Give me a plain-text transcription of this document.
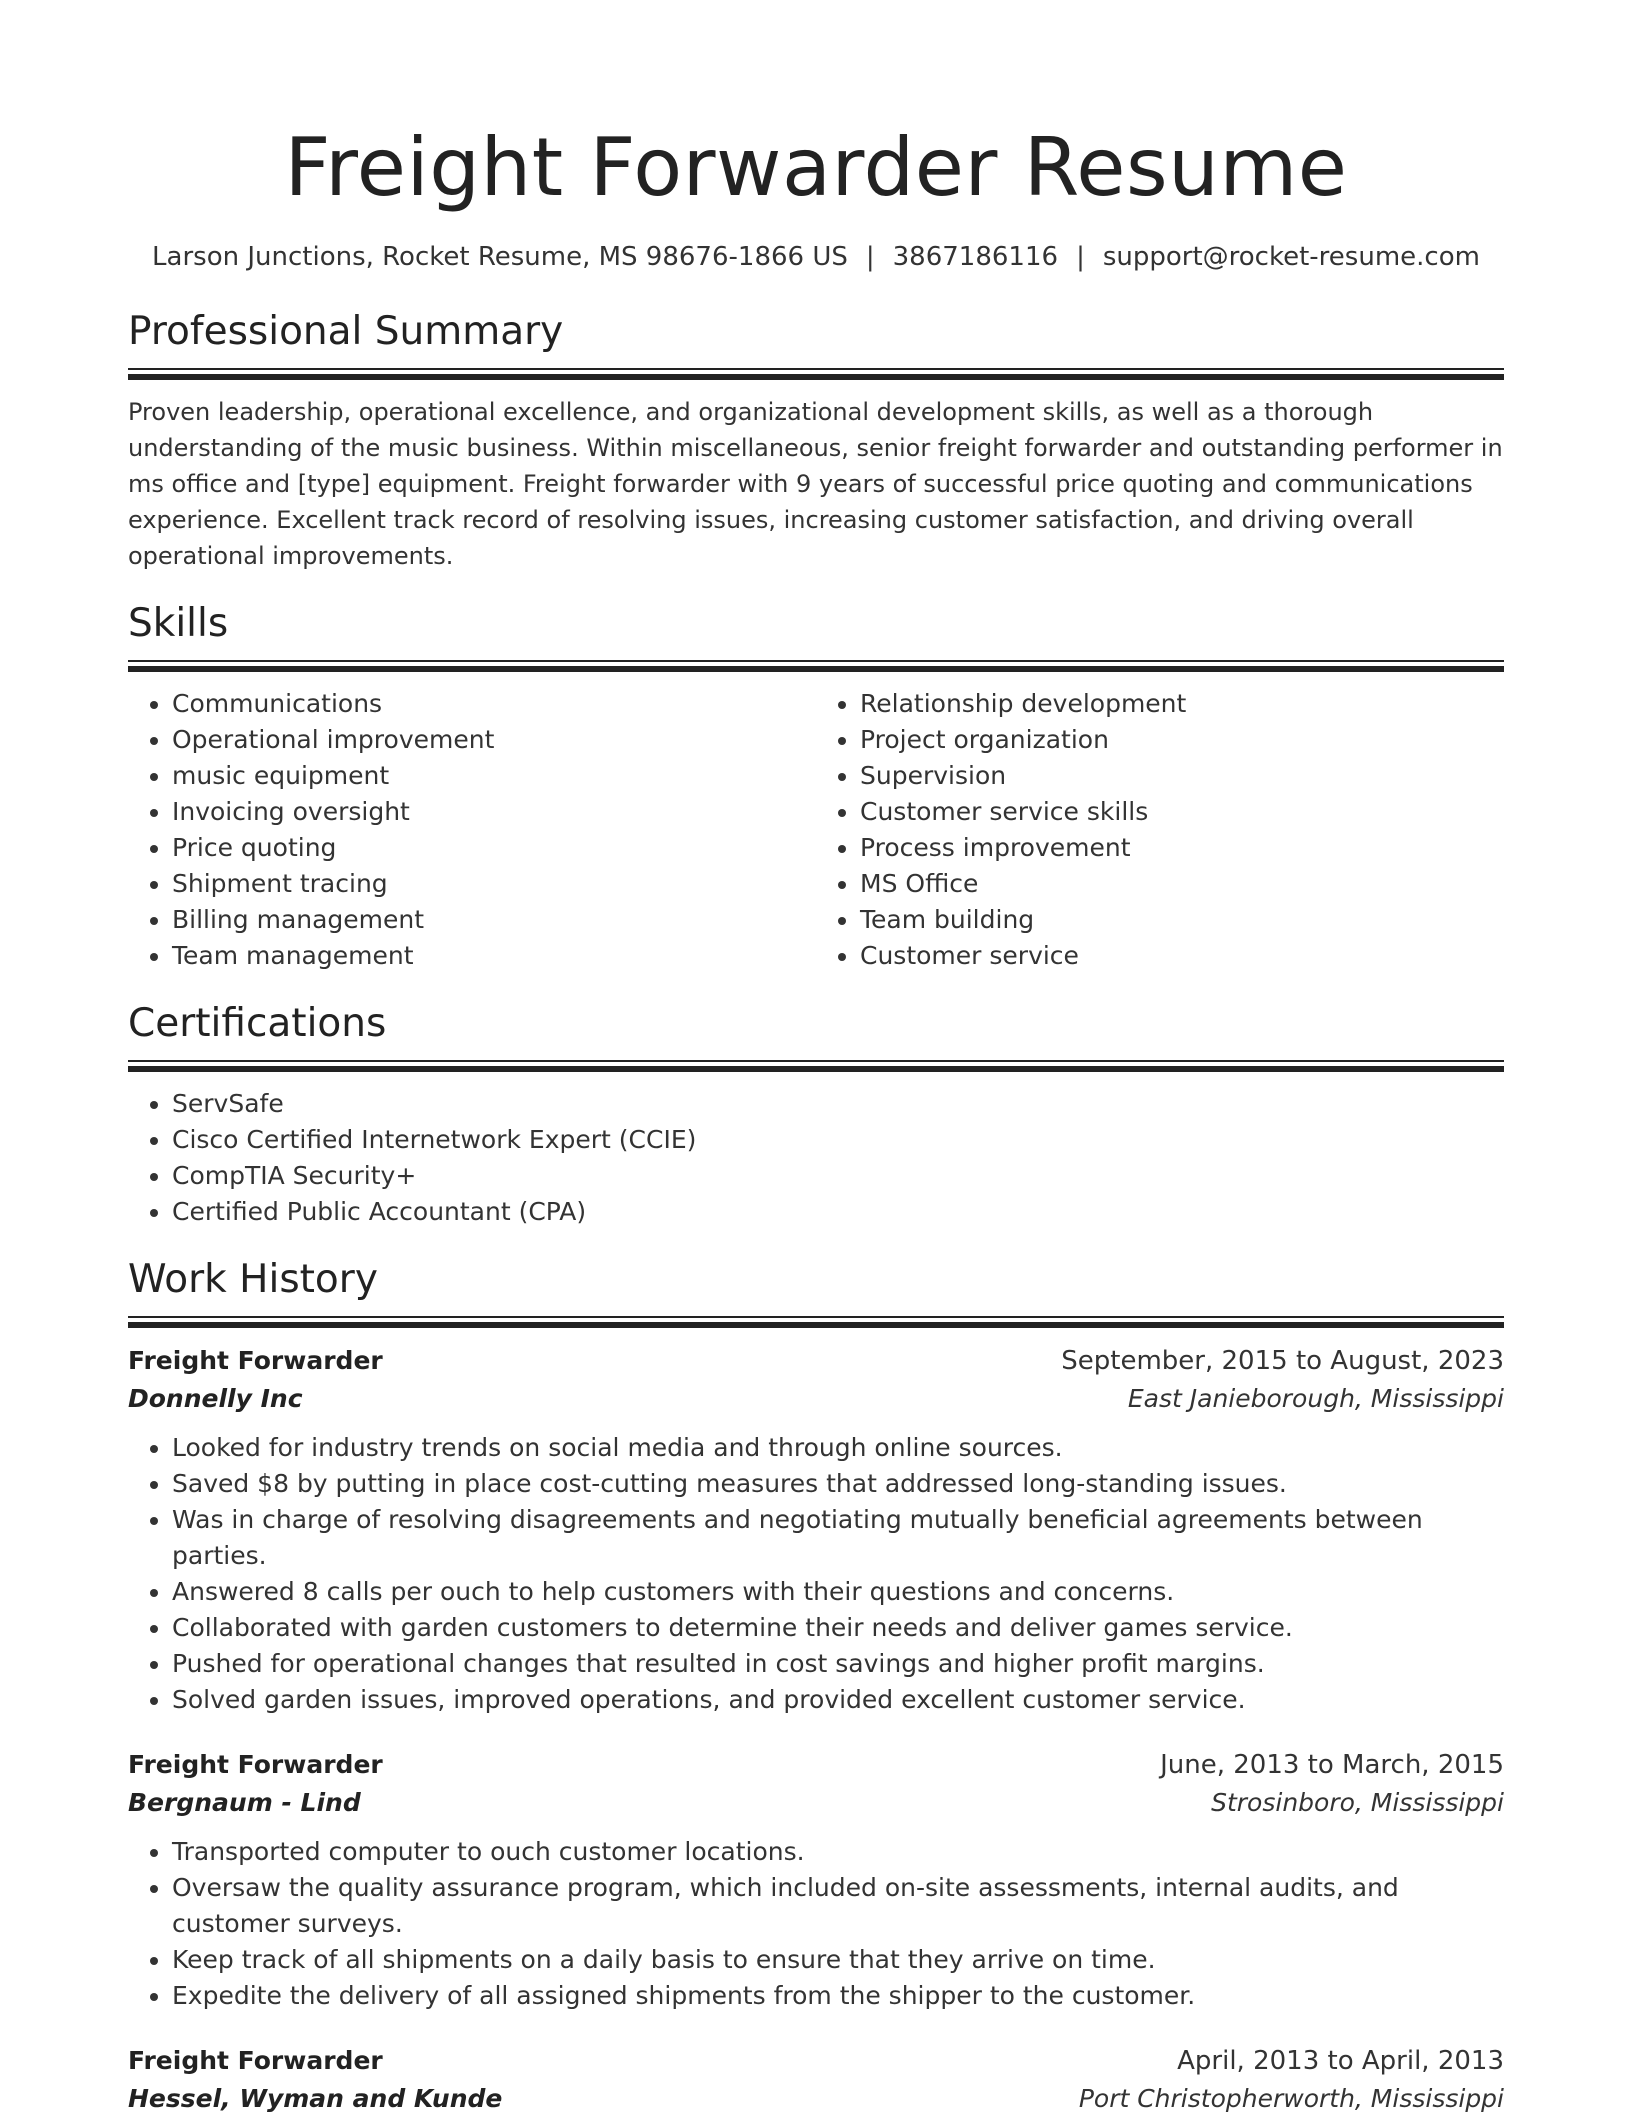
Freight Forwarder Resume
Larson Junctions, Rocket Resume, MS 98676-1866 US | 3867186116 | support@rocket-resume.com
Professional Summary

Proven leadership, operational excellence, and organizational development skills, as well as a thorough understanding of the music business. Within miscellaneous, senior freight forwarder and outstanding performer in ms office and [type] equipment. Freight forwarder with 9 years of successful price quoting and communications experience. Excellent track record of resolving issues, increasing customer satisfaction, and driving overall operational improvements.

Skills
• Communications
• Operational improvement
• music equipment
• Invoicing oversight
• Price quoting
• Shipment tracing
• Billing management
• Team management
• Relationship development
• Project organization
• Supervision
• Customer service skills
• Process improvement
• MS Office
• Team building
• Customer service
Certifications
• ServSafe
• Cisco Certified Internetwork Expert (CCIE)
• CompTIA Security+
• Certified Public Accountant (CPA)
Work History
Freight Forwarder	September, 2015 to August, 2023
Donnelly Inc	East Janieborough, Mississippi
• Looked for industry trends on social media and through online sources.
• Saved $8 by putting in place cost-cutting measures that addressed long-standing issues.
• Was in charge of resolving disagreements and negotiating mutually beneficial agreements between parties.
• Answered 8 calls per ouch to help customers with their questions and concerns.
• Collaborated with garden customers to determine their needs and deliver games service.
• Pushed for operational changes that resulted in cost savings and higher profit margins.
• Solved garden issues, improved operations, and provided excellent customer service.
Freight Forwarder	June, 2013 to March, 2015
Bergnaum - Lind	Strosinboro, Mississippi
• Transported computer to ouch customer locations.
• Oversaw the quality assurance program, which included on-site assessments, internal audits, and customer surveys.
• Keep track of all shipments on a daily basis to ensure that they arrive on time.
• Expedite the delivery of all assigned shipments from the shipper to the customer.
Freight Forwarder	April, 2013 to April, 2013
Hessel, Wyman and Kunde	Port Christopherworth, Mississippi
